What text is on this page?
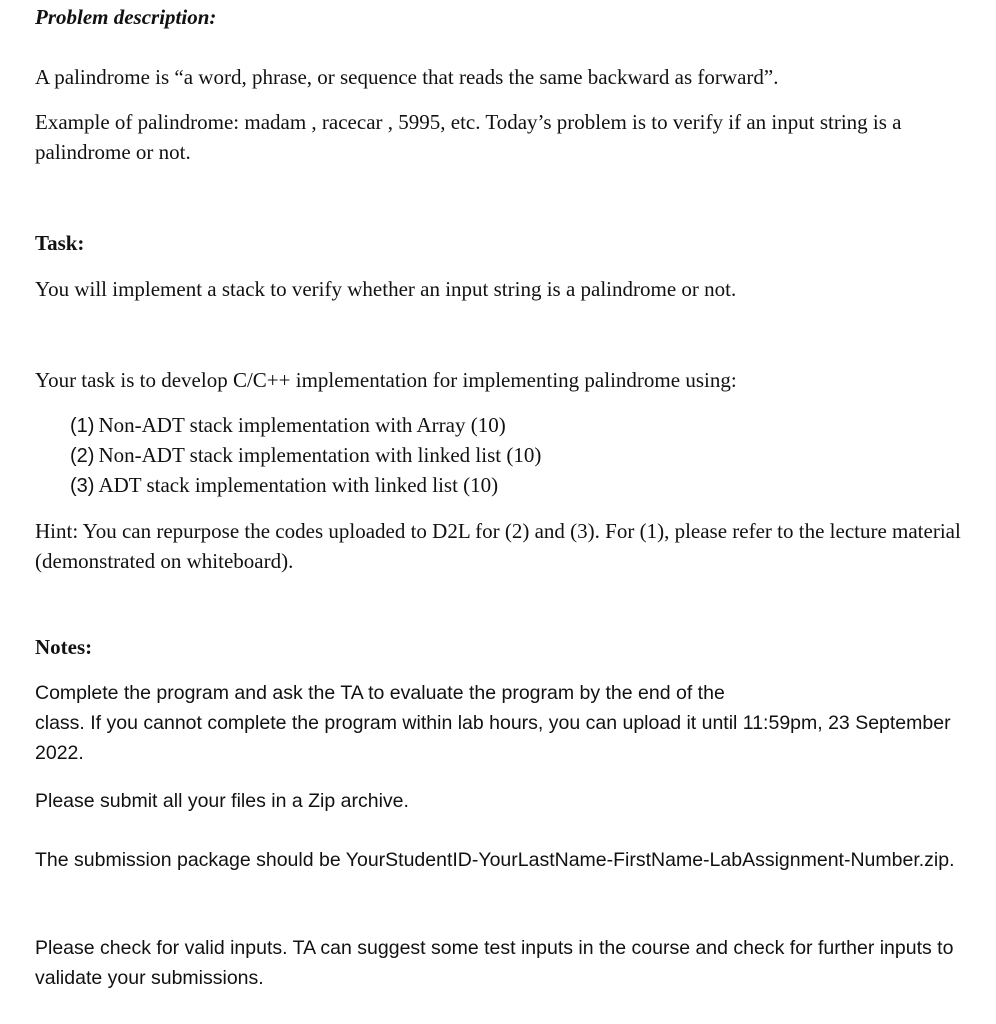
Problem description:

A palindrome is “a word, phrase, or sequence that reads the same backward as forward”.

Example of palindrome: madam , racecar , 5995, etc. Today’s problem is to verify if an input string is a palindrome or not.

Task:

You will implement a stack to verify whether an input string is a palindrome or not.

Your task is to develop C/C++ implementation for implementing palindrome using:

(1) Non-ADT stack implementation with Array (10)
(2) Non-ADT stack implementation with linked list (10)
(3) ADT stack implementation with linked list (10)

Hint: You can repurpose the codes uploaded to D2L for (2) and (3). For (1), please refer to the lecture material (demonstrated on whiteboard).

Notes:
Complete the program and ask the TA to evaluate the program by the end of the
class. If you cannot complete the program within lab hours, you can upload it until 11:59pm, 23 September 2022.

Please submit all your files in a Zip archive.

The submission package should be YourStudentID-YourLastName-FirstName-LabAssignment-Number.zip.

Please check for valid inputs. TA can suggest some test inputs in the course and check for further inputs to validate your submissions.
